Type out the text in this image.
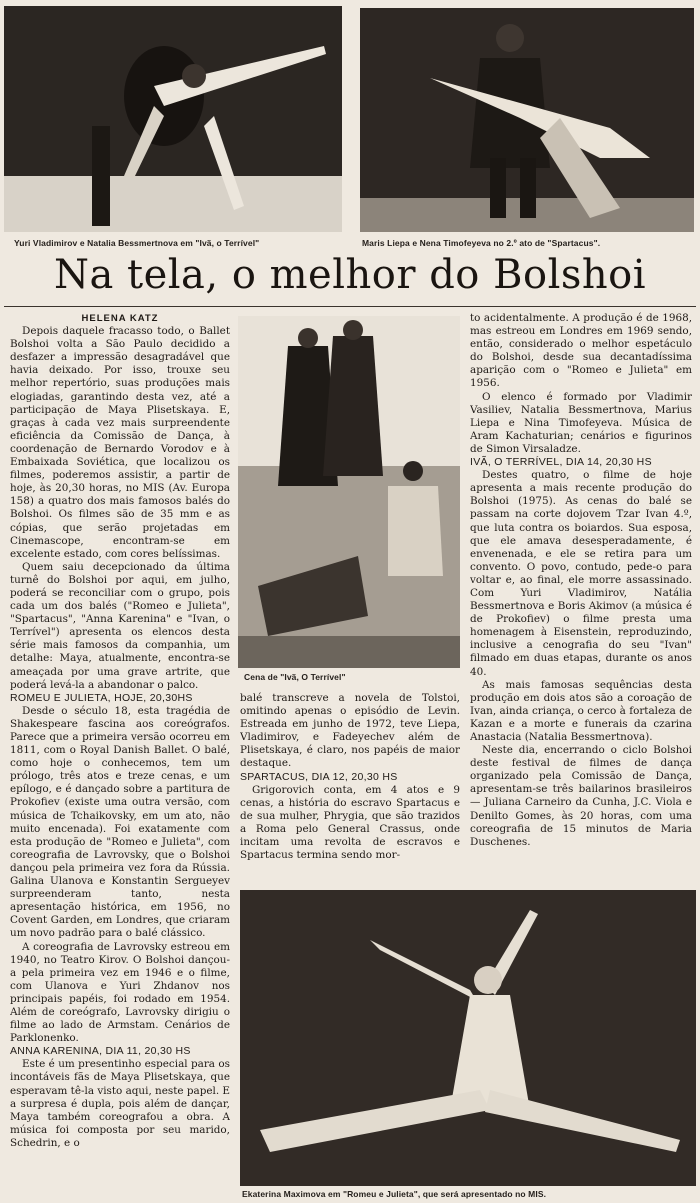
Yuri Vladimirov e Natalia Bessmertnova em "Ivã, o Terrível"	Maris Liepa e Nena Timofeyeva no 2.º ato de "Spartacus".
Na tela, o melhor do Bolshoi

HELENA KATZ

Depois daquele fracasso todo, o Ballet Bolshoi volta a São Paulo decidido a desfazer a impressão desagradável que havia deixado. Por isso, trouxe seu melhor repertório, suas produções mais elogiadas, garantindo desta vez, até a participação de Maya Plisetskaya. E, graças à cada vez mais surpreendente eficiência da Comissão de Dança, à coordenação de Bernardo Vorodov e à Embaixada Soviética, que localizou os filmes, poderemos assistir, a partir de hoje, às 20,30 horas, no MIS (Av. Europa 158) a quatro dos mais famosos balés do Bolshoi. Os filmes são de 35 mm e as cópias, que serão projetadas em Cinemascope, encontram-se em excelente estado, com cores belíssimas.

Quem saiu decepcionado da última turnê do Bolshoi por aqui, em julho, poderá se reconciliar com o grupo, pois cada um dos balés ("Romeo e Julieta", "Spartacus", "Anna Karenina" e "Ivan, o Terrível") apresenta os elencos desta série mais famosos da companhia, um detalhe: Maya, atualmente, encontra-se ameaçada por uma grave artrite, que poderá levá-la a abandonar o palco.

ROMEU E JULIETA, HOJE, 20,30HS

Desde o século 18, esta tragédia de Shakespeare fascina aos coreógrafos. Parece que a primeira versão ocorreu em 1811, com o Royal Danish Ballet. O balé, como hoje o conhecemos, tem um prólogo, três atos e treze cenas, e um epílogo, e é dançado sobre a partitura de Prokofiev (existe uma outra versão, com música de Tchaikovsky, em um ato, não muito encenada). Foi exatamente com esta produção de "Romeo e Julieta", com coreografia de Lavrovsky, que o Bolshoi dançou pela primeira vez fora da Rússia. Galina Ulanova e Konstantin Sergueyev surpreenderam tanto, nesta apresentação histórica, em 1956, no Covent Garden, em Londres, que criaram um novo padrão para o balé clássico.

A coreografia de Lavrovsky estreou em 1940, no Teatro Kirov. O Bolshoi dançou-a pela primeira vez em 1946 e o filme, com Ulanova e Yuri Zhdanov nos principais papéis, foi rodado em 1954. Além de coreógrafo, Lavrovsky dirigiu o filme ao lado de Armstam. Cenários de Parklonenko.

ANNA KARENINA, DIA 11, 20,30 HS

Este é um presentinho especial para os incontáveis fãs de Maya Plisetskaya, que esperavam tê-la visto aqui, neste papel. E a surpresa é dupla, pois além de dançar, Maya também coreografou a obra. A música foi composta por seu marido, Schedrin, e o

Cena de "Ivã, O Terrível"

balé transcreve a novela de Tolstoi, omitindo apenas o episódio de Levin. Estreada em junho de 1972, teve Liepa, Vladimirov, e Fadeyechev além de Plisetskaya, é claro, nos papéis de maior destaque.

SPARTACUS, DIA 12, 20,30 HS

Grigorovich conta, em 4 atos e 9 cenas, a história do escravo Spartacus e de sua mulher, Phrygia, que são trazidos a Roma pelo General Crassus, onde incitam uma revolta de escravos e Spartacus termina sendo mor-

to acidentalmente. A produção é de 1968, mas estreou em Londres em 1969 sendo, então, considerado o melhor espetáculo do Bolshoi, desde sua decantadíssima aparição com o "Romeo e Julieta" em 1956.

O elenco é formado por Vladimir Vasiliev, Natalia Bessmertnova, Marius Liepa e Nina Timofeyeva. Música de Aram Kachaturian; cenários e figurinos de Simon Virsaladze.

IVÃ, O TERRÍVEL, DIA 14, 20,30 HS

Destes quatro, o filme de hoje apresenta a mais recente produção do Bolshoi (1975). As cenas do balé se passam na corte dojovem Tzar Ivan 4.º, que luta contra os boiardos. Sua esposa, que ele amava desesperadamente, é envenenada, e ele se retira para um convento. O povo, contudo, pede-o para voltar e, ao final, ele morre assassinado. Com Yuri Vladimirov, Natália Bessmertnova e Boris Akimov (a música é de Prokofiev) o filme presta uma homenagem à Eisenstein, reproduzindo, inclusive a cenografia do seu "Ivan" filmado em duas etapas, durante os anos 40.

As mais famosas sequências desta produção em dois atos são a coroação de Ivan, ainda criança, o cerco à fortaleza de Kazan e a morte e funerais da czarina Anastacia (Natalia Bessmertnova).

Neste dia, encerrando o ciclo Bolshoi deste festival de filmes de dança organizado pela Comissão de Dança, apresentam-se três bailarinos brasileiros — Juliana Carneiro da Cunha, J.C. Viola e Denilto Gomes, às 20 horas, com uma coreografia de 15 minutos de Maria Duschenes.

Ekaterina Maximova em "Romeu e Julieta", que será apresentado no MIS.
